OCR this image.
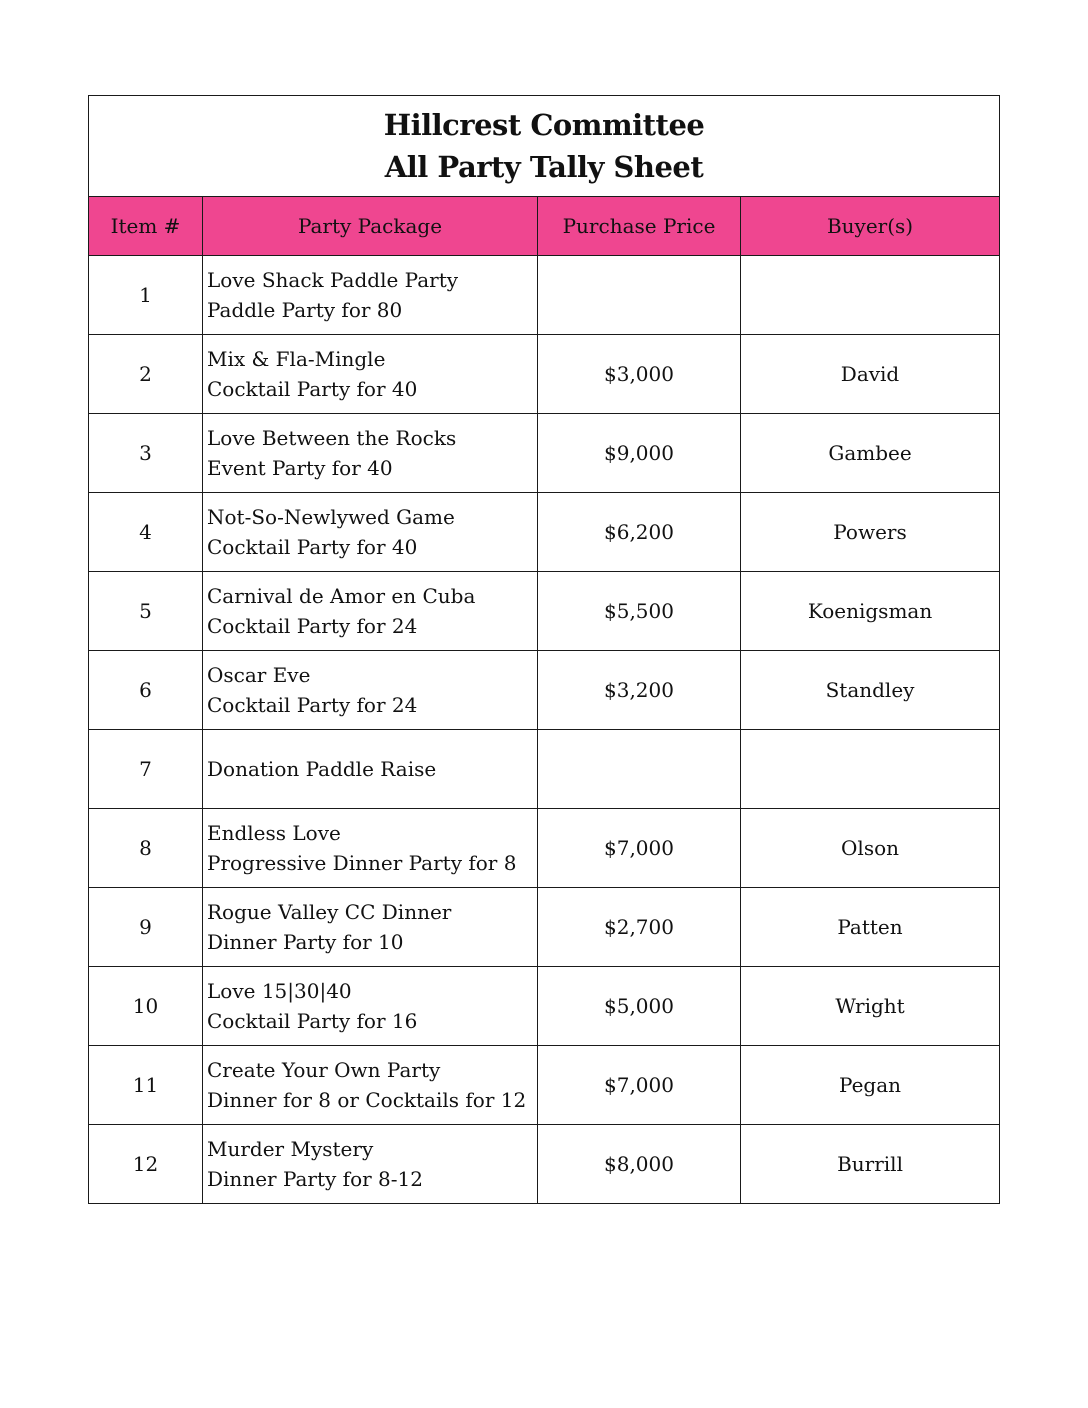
Hillcrest Committee
All Party Tally Sheet			

Item #	Party Package	Purchase Price	Buyer(s)
1	Love Shack Paddle Party
Paddle Party for 80		

2	Mix & Fla-Mingle
Cocktail Party for 40	$3,000	David
3	Love Between the Rocks
Event Party for 40	$9,000	Gambee
4	Not-So-Newlywed Game
Cocktail Party for 40	$6,200	Powers
5	Carnival de Amor en Cuba
Cocktail Party for 24	$5,500	Koenigsman
6	Oscar Eve
Cocktail Party for 24	$3,200	Standley
7	Donation Paddle Raise		

8	Endless Love
Progressive Dinner Party for 8	$7,000	Olson
9	Rogue Valley CC Dinner
Dinner Party for 10	$2,700	Patten
10	Love 15|30|40
Cocktail Party for 16	$5,000	Wright
11	Create Your Own Party
Dinner for 8 or Cocktails for 12	$7,000	Pegan
12	Murder Mystery
Dinner Party for 8-12	$8,000	Burrill
